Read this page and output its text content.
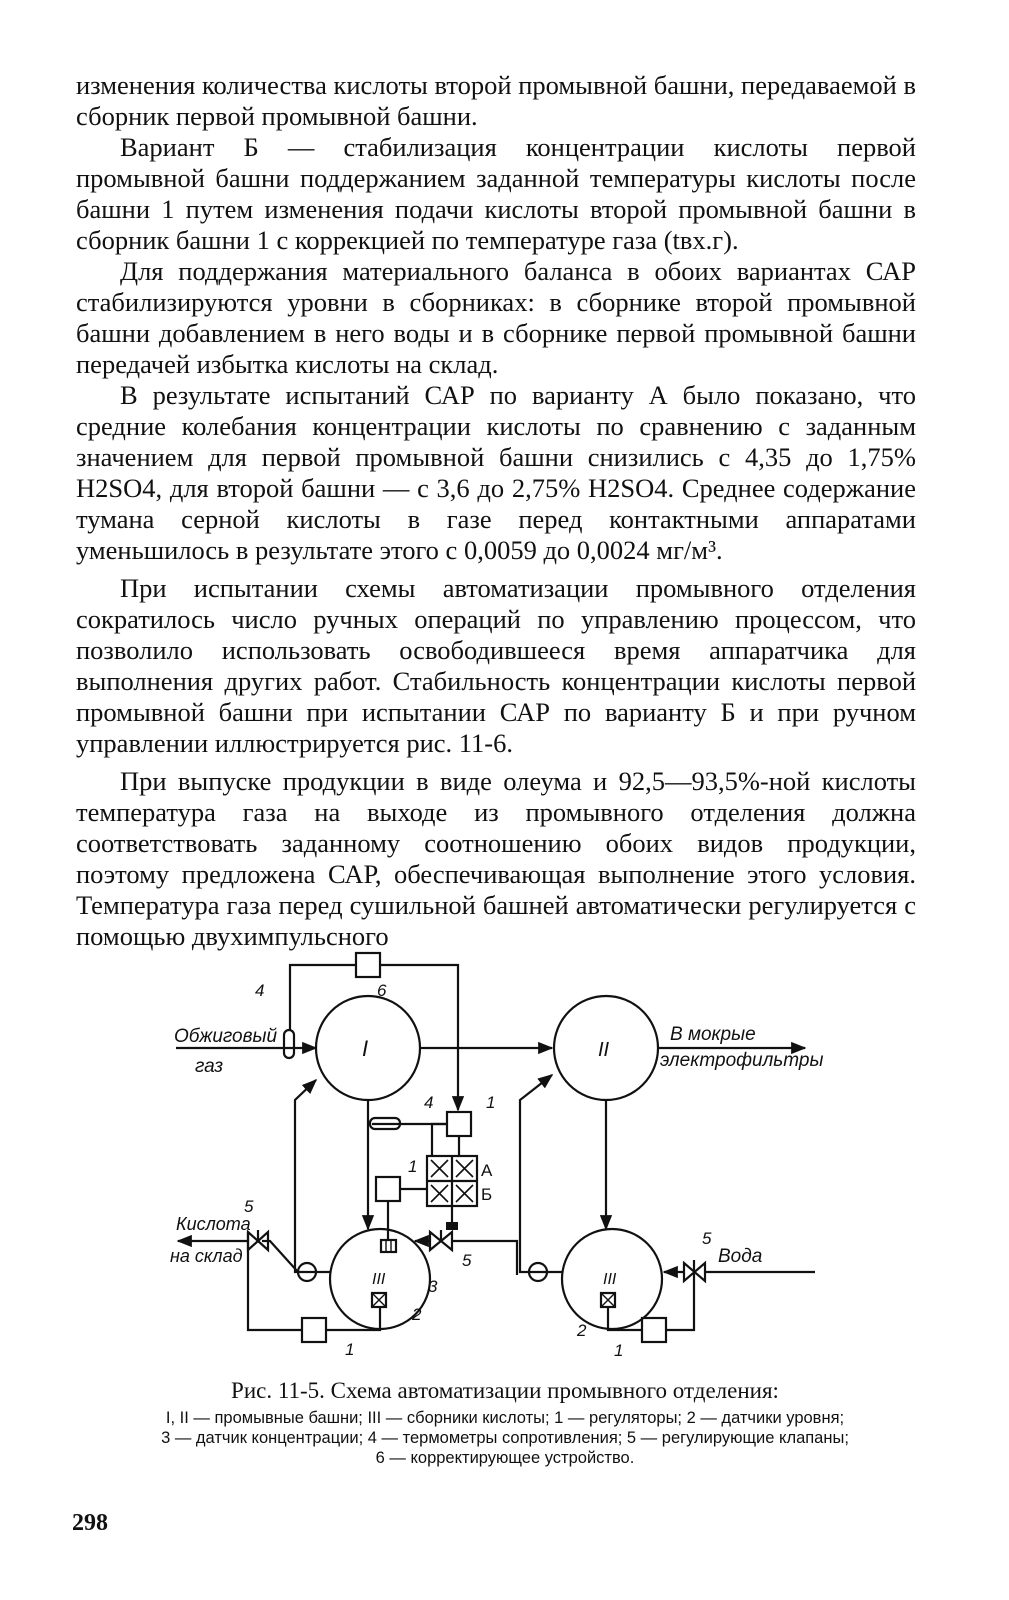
изменения количества кислоты второй промывной башни, передаваемой в сборник первой промывной башни.

Вариант Б — стабилизация концентрации кислоты первой промывной башни поддержанием заданной температуры кислоты после башни 1 путем изменения подачи кислоты второй промывной башни в сборник башни 1 с коррекцией по температуре газа (tвх.г).

Для поддержания материального баланса в обоих вариантах САР стабилизируются уровни в сборниках: в сборнике второй промывной башни добавлением в него воды и в сборнике первой промывной башни передачей избытка кислоты на склад.

В результате испытаний САР по варианту А было показано, что средние колебания концентрации кислоты по сравнению с заданным значением для первой промывной башни снизились с 4,35 до 1,75% H2SO4, для второй башни — с 3,6 до 2,75% H2SO4. Среднее содержание тумана серной кислоты в газе перед контактными аппаратами уменьшилось в результате этого с 0,0059 до 0,0024 мг/м³.

При испытании схемы автоматизации промывного отделения сократилось число ручных операций по управлению процессом, что позволило использовать освободившееся время аппаратчика для выполнения других работ. Стабильность концентрации кислоты первой промывной башни при испытании САР по варианту Б и при ручном управлении иллюстрируется рис. 11-6.

При выпуске продукции в виде олеума и 92,5—93,5%-ной кислоты температура газа на выходе из промывного отделения должна соответствовать заданному соотношению обоих видов продукции, поэтому предложена САР, обеспечивающая выполнение этого условия. Температура газа перед сушильной башней автоматически регулируется с помощью двухимпульсного

I	II
III	III
Обжиговый
газ
В мокрые
электрофильтры
Кислота
на склад	Вода
А
Б
4	6
4	1
1
5
5
5
3
2
2
1	1
Рис. 11-5. Схема автоматизации промывного отделения:
I, II — промывные башни; III — сборники кислоты; 1 — регуляторы; 2 — датчики уровня;
3 — датчик концентрации; 4 — термометры сопротивления; 5 — регулирующие клапаны;
6 — корректирующее устройство.
298
